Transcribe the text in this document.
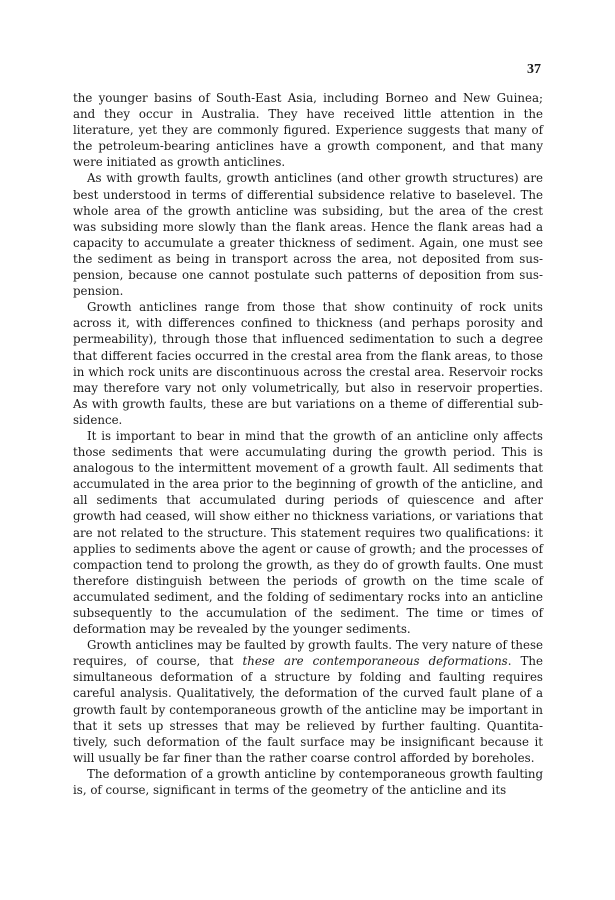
37

the younger basins of South-East Asia, including Borneo and New Guinea; and they occur in Australia. They have received little attention in the literature, yet they are commonly figured. Experience suggests that many of the petroleum-bearing anticlines have a growth component, and that many were initiated as growth anticlines.

As with growth faults, growth anticlines (and other growth structures) are best understood in terms of differential subsidence relative to baselevel. The whole area of the growth anticline was subsiding, but the area of the crest was subsiding more slowly than the flank areas. Hence the flank areas had a capacity to accumulate a greater thickness of sediment. Again, one must see the sediment as being in transport across the area, not deposited from suspension, because one cannot postulate such patterns of deposition from suspension.

Growth anticlines range from those that show continuity of rock units across it, with differences confined to thickness (and perhaps porosity and permeability), through those that influenced sedimentation to such a degree that different facies occurred in the crestal area from the flank areas, to those in which rock units are discontinuous across the crestal area. Reservoir rocks may therefore vary not only volumetrically, but also in reservoir properties. As with growth faults, these are but variations on a theme of differential subsidence.

It is important to bear in mind that the growth of an anticline only affects those sediments that were accumulating during the growth period. This is analogous to the intermittent movement of a growth fault. All sediments that accumulated in the area prior to the beginning of growth of the anticline, and all sediments that accumulated during periods of quiescence and after growth had ceased, will show either no thickness variations, or variations that are not related to the structure. This statement requires two qualifications: it applies to sediments above the agent or cause of growth; and the processes of compaction tend to prolong the growth, as they do of growth faults. One must therefore distinguish between the periods of growth on the time scale of accumulated sediment, and the folding of sedimentary rocks into an anticline subsequently to the accumulation of the sediment. The time or times of deformation may be revealed by the younger sediments.

Growth anticlines may be faulted by growth faults. The very nature of these requires, of course, that these are contemporaneous deformations. The simultaneous deformation of a structure by folding and faulting requires careful analysis. Qualitatively, the deformation of the curved fault plane of a growth fault by contemporaneous growth of the anticline may be important in that it sets up stresses that may be relieved by further faulting. Quantitatively, such deformation of the fault surface may be insignificant because it will usually be far finer than the rather coarse control afforded by boreholes.

The deformation of a growth anticline by contemporaneous growth faulting is, of course, significant in terms of the geometry of the anticline and its
